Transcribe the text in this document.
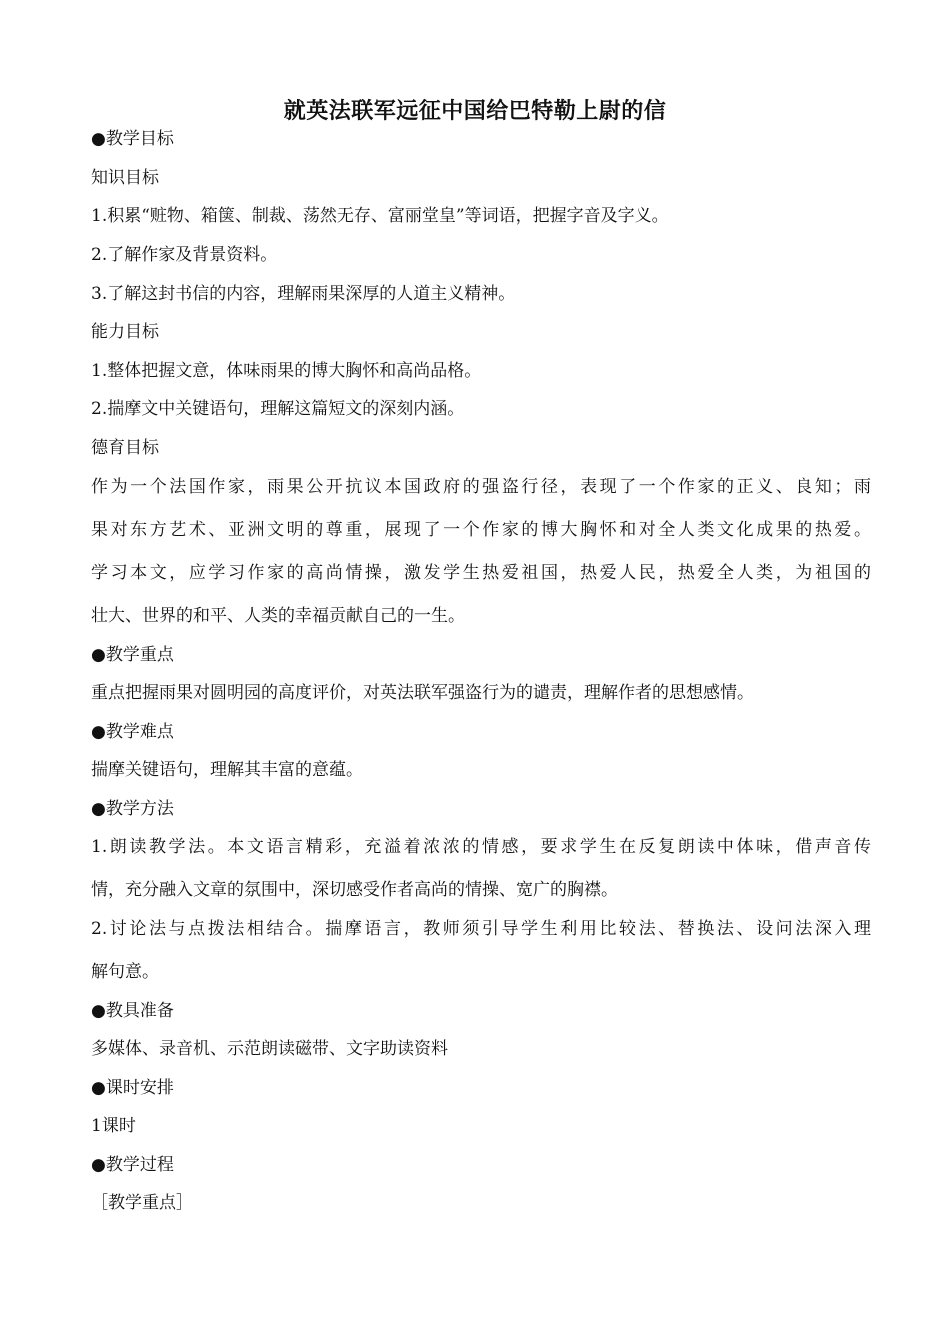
就英法联军远征中国给巴特勒上尉的信
●教学目标
知识目标
1.积累“赃物、箱箧、制裁、荡然无存、富丽堂皇”等词语，把握字音及字义。
2.了解作家及背景资料。
3.了解这封书信的内容，理解雨果深厚的人道主义精神。
能力目标
1.整体把握文意，体味雨果的博大胸怀和高尚品格。
2.揣摩文中关键语句，理解这篇短文的深刻内涵。
德育目标
作为一个法国作家，雨果公开抗议本国政府的强盗行径，表现了一个作家的正义、良知；雨
果对东方艺术、亚洲文明的尊重，展现了一个作家的博大胸怀和对全人类文化成果的热爱。
学习本文，应学习作家的高尚情操，激发学生热爱祖国，热爱人民，热爱全人类，为祖国的
壮大、世界的和平、人类的幸福贡献自己的一生。
●教学重点
重点把握雨果对圆明园的高度评价，对英法联军强盗行为的谴责，理解作者的思想感情。
●教学难点
揣摩关键语句，理解其丰富的意蕴。
●教学方法
1.朗读教学法。本文语言精彩，充溢着浓浓的情感，要求学生在反复朗读中体味，借声音传
情，充分融入文章的氛围中，深切感受作者高尚的情操、宽广的胸襟。
2.讨论法与点拨法相结合。揣摩语言，教师须引导学生利用比较法、替换法、设问法深入理
解句意。
●教具准备
多媒体、录音机、示范朗读磁带、文字助读资料
●课时安排
1课时
●教学过程
［教学重点］
